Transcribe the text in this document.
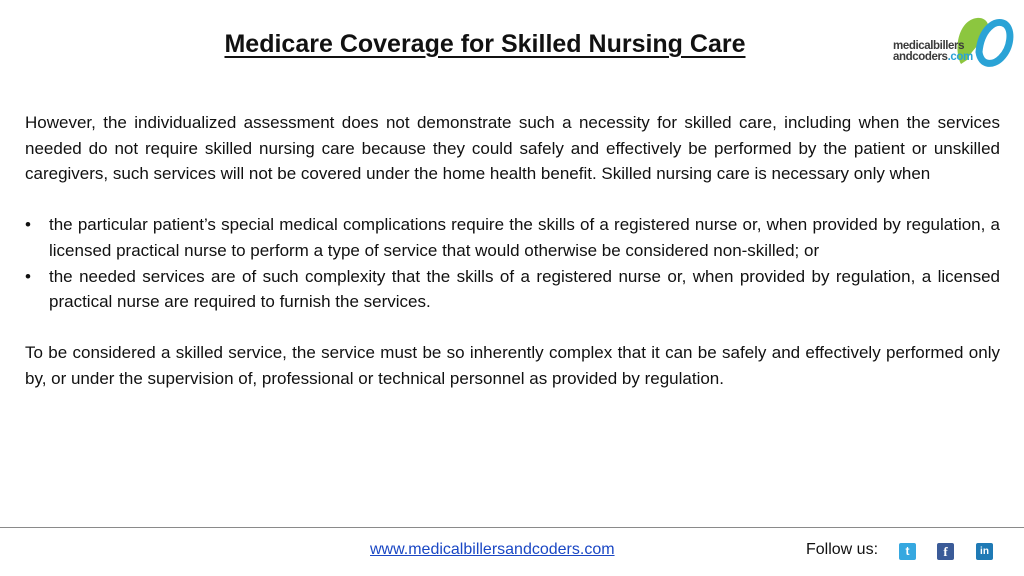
Medicare Coverage for Skilled Nursing Care	medicalbillers
andcoders.com

However, the individualized assessment does not demonstrate such a necessity for skilled care, including when the services needed do not require skilled nursing care because they could safely and effectively be performed by the patient or unskilled caregivers, such services will not be covered under the home health benefit. Skilled nursing care is necessary only when

• the particular patient’s special medical complications require the skills of a registered nurse or, when provided by regulation, a licensed practical nurse to perform a type of service that would otherwise be considered non-skilled; or
• the needed services are of such complexity that the skills of a registered nurse or, when provided by regulation, a licensed practical nurse are required to furnish the services.

To be considered a skilled service, the service must be so inherently complex that it can be safely and effectively performed only by, or under the supervision of, professional or technical personnel as provided by regulation.

www.medicalbillersandcoders.com	Follow us:	t	f	in
